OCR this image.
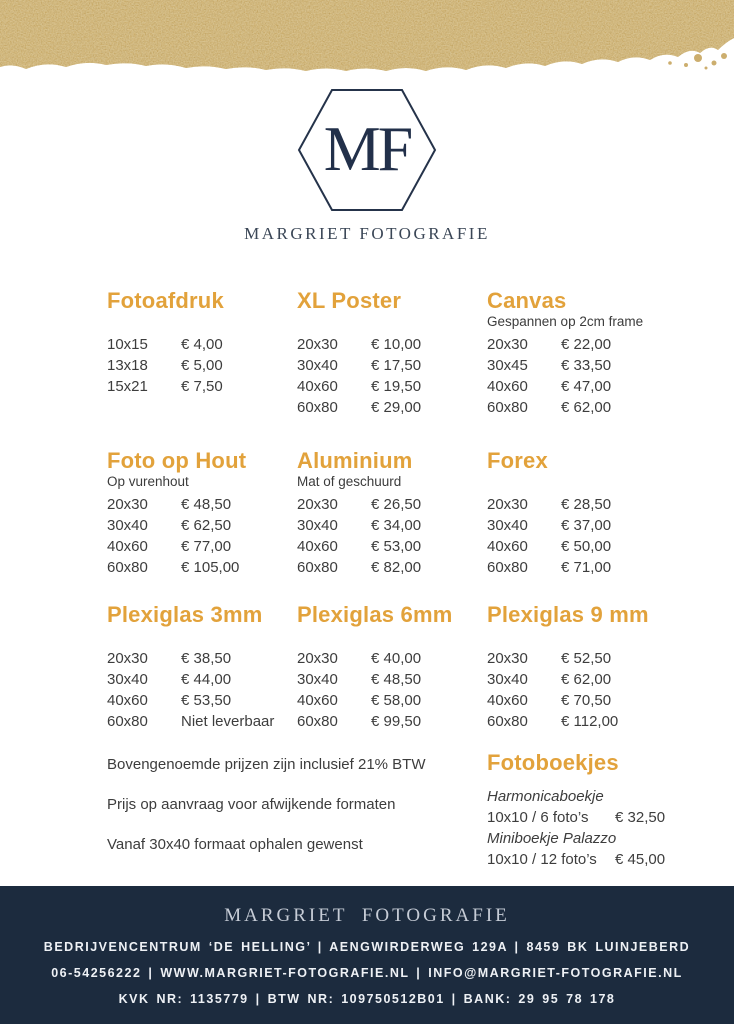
MF
MARGRIET FOTOGRAFIE
Fotoafdruk
10x15	€ 4,00
13x18	€ 5,00
15x21	€ 7,50
XL Poster
20x30	€ 10,00
30x40	€ 17,50
40x60	€ 19,50
60x80	€ 29,00
Canvas
Gespannen op 2cm frame
20x30	€ 22,00
30x45	€ 33,50
40x60	€ 47,00
60x80	€ 62,00
Foto op Hout
Op vurenhout
20x30	€ 48,50
30x40	€ 62,50
40x60	€ 77,00
60x80	€ 105,00
Aluminium
Mat of geschuurd
20x30	€ 26,50
30x40	€ 34,00
40x60	€ 53,00
60x80	€ 82,00
Forex
20x30	€ 28,50
30x40	€ 37,00
40x60	€ 50,00
60x80	€ 71,00
Plexiglas 3mm
20x30	€ 38,50
30x40	€ 44,00
40x60	€ 53,50
60x80	Niet leverbaar
Plexiglas 6mm
20x30	€ 40,00
30x40	€ 48,50
40x60	€ 58,00
60x80	€ 99,50
Plexiglas 9 mm
20x30	€ 52,50
30x40	€ 62,00
40x60	€ 70,50
60x80	€ 112,00
Bovengenoemde prijzen zijn inclusief 21% BTW
Prijs op aanvraag voor afwijkende formaten
Vanaf 30x40 formaat ophalen gewenst
Fotoboekjes
Harmonicaboekje
10x10 / 6 foto’s	€ 32,50
Miniboekje Palazzo
10x10 / 12 foto’s	€ 45,00
MARGRIET FOTOGRAFIE
BEDRIJVENCENTRUM ‘DE HELLING’ | AENGWIRDERWEG 129A | 8459 BK LUINJEBERD
06-54256222 | WWW.MARGRIET-FOTOGRAFIE.NL | INFO@MARGRIET-FOTOGRAFIE.NL
KVK NR: 1135779 | BTW NR: 109750512B01 | BANK: 29 95 78 178
